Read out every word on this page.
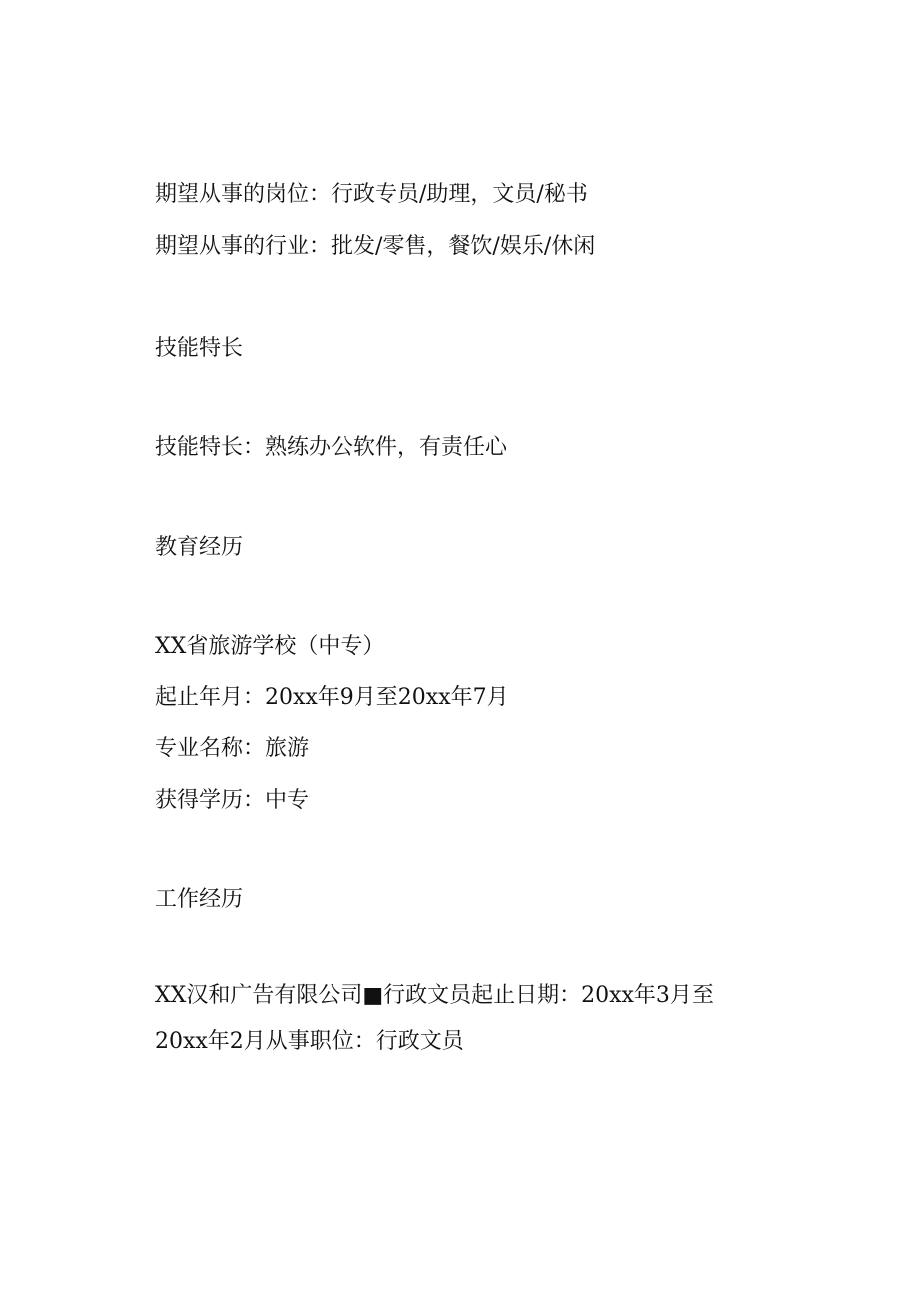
期望从事的岗位：行政专员/助理，文员/秘书

期望从事的行业：批发/零售，餐饮/娱乐/休闲

技能特长

技能特长：熟练办公软件，有责任心

教育经历

XX省旅游学校（中专）

起止年月：20xx年9月至20xx年7月

专业名称：旅游

获得学历：中专

工作经历

XX汉和广告有限公司■行政文员起止日期：20xx年3月至

20xx年2月从事职位：行政文员
